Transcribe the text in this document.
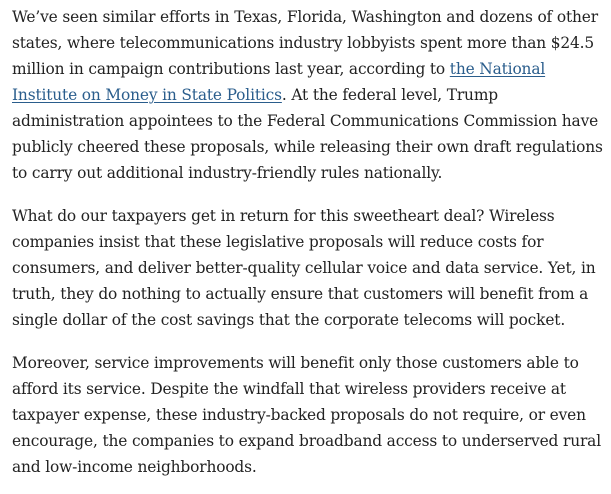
We’ve seen similar efforts in Texas, Florida, Washington and dozens of other states, where telecommunications industry lobbyists spent more than $24.5 million in campaign contributions last year, according to the National Institute on Money in State Politics. At the federal level, Trump administration appointees to the Federal Communications Commission have publicly cheered these proposals, while releasing their own draft regulations to carry out additional industry-friendly rules nationally.

What do our taxpayers get in return for this sweetheart deal? Wireless companies insist that these legislative proposals will reduce costs for consumers, and deliver better-quality cellular voice and data service. Yet, in truth, they do nothing to actually ensure that customers will benefit from a single dollar of the cost savings that the corporate telecoms will pocket.

Moreover, service improvements will benefit only those customers able to afford its service. Despite the windfall that wireless providers receive at taxpayer expense, these industry-backed proposals do not require, or even encourage, the companies to expand broadband access to underserved rural and low-income neighborhoods.
